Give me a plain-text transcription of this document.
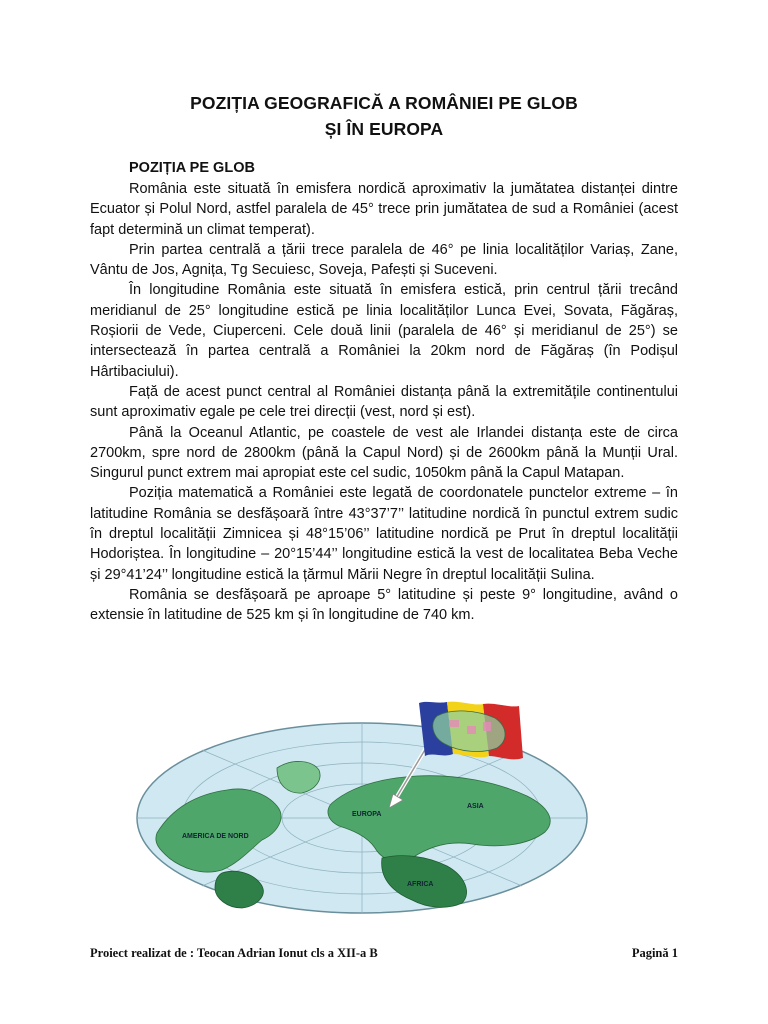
POZIȚIA GEOGRAFICĂ A ROMÂNIEI PE GLOB
ȘI ÎN EUROPA
POZIȚIA PE GLOB

România este situată în emisfera nordică aproximativ la jumătatea distanței dintre Ecuator și Polul Nord, astfel paralela de 45° trece prin jumătatea de sud a României (acest fapt determină un climat temperat).

Prin partea centrală a țării trece paralela de 46° pe linia localităților Variaș, Zane, Vântu de Jos, Agnița, Tg Secuiesc, Soveja, Pafești și Suceveni.

În longitudine România este situată în emisfera estică, prin centrul țării trecând meridianul de 25° longitudine estică pe linia localităților Lunca Evei, Sovata, Făgăraș, Roșiorii de Vede, Ciuperceni. Cele două linii (paralela de 46° și meridianul de 25°) se intersectează în partea centrală a României la 20km nord de Făgăraș (în Podișul Hârtibaciului).

Față de acest punct central al României distanța până la extremitățile continentului sunt aproximativ egale pe cele trei direcții (vest, nord și est).

Până la Oceanul Atlantic, pe coastele de vest ale Irlandei distanța este de circa 2700km, spre nord de 2800km (până la Capul Nord) și de 2600km până la Munții Ural. Singurul punct extrem mai apropiat este cel sudic, 1050km până la Capul Matapan.

Poziția matematică a României este legată de coordonatele punctelor extreme – în latitudine România se desfășoară între 43°37’7’’ latitudine nordică în punctul extrem sudic în dreptul localității Zimnicea și 48°15’06’’ latitudine nordică pe Prut în dreptul localității Hodoriștea. În longitudine – 20°15’44’’ longitudine estică la vest de localitatea Beba Veche și 29°41’24’’ longitudine estică la țărmul Mării Negre în dreptul localității Sulina.

România se desfășoară pe aproape 5° latitudine și peste 9° longitudine, având o extensie în latitudine de 525 km și în longitudine de 740 km.

AFRICA
ASIA
EUROPA
AMERICA DE NORD
Proiect realizat de : Teocan Adrian Ionut cls a XII-a B	Pagină 1
